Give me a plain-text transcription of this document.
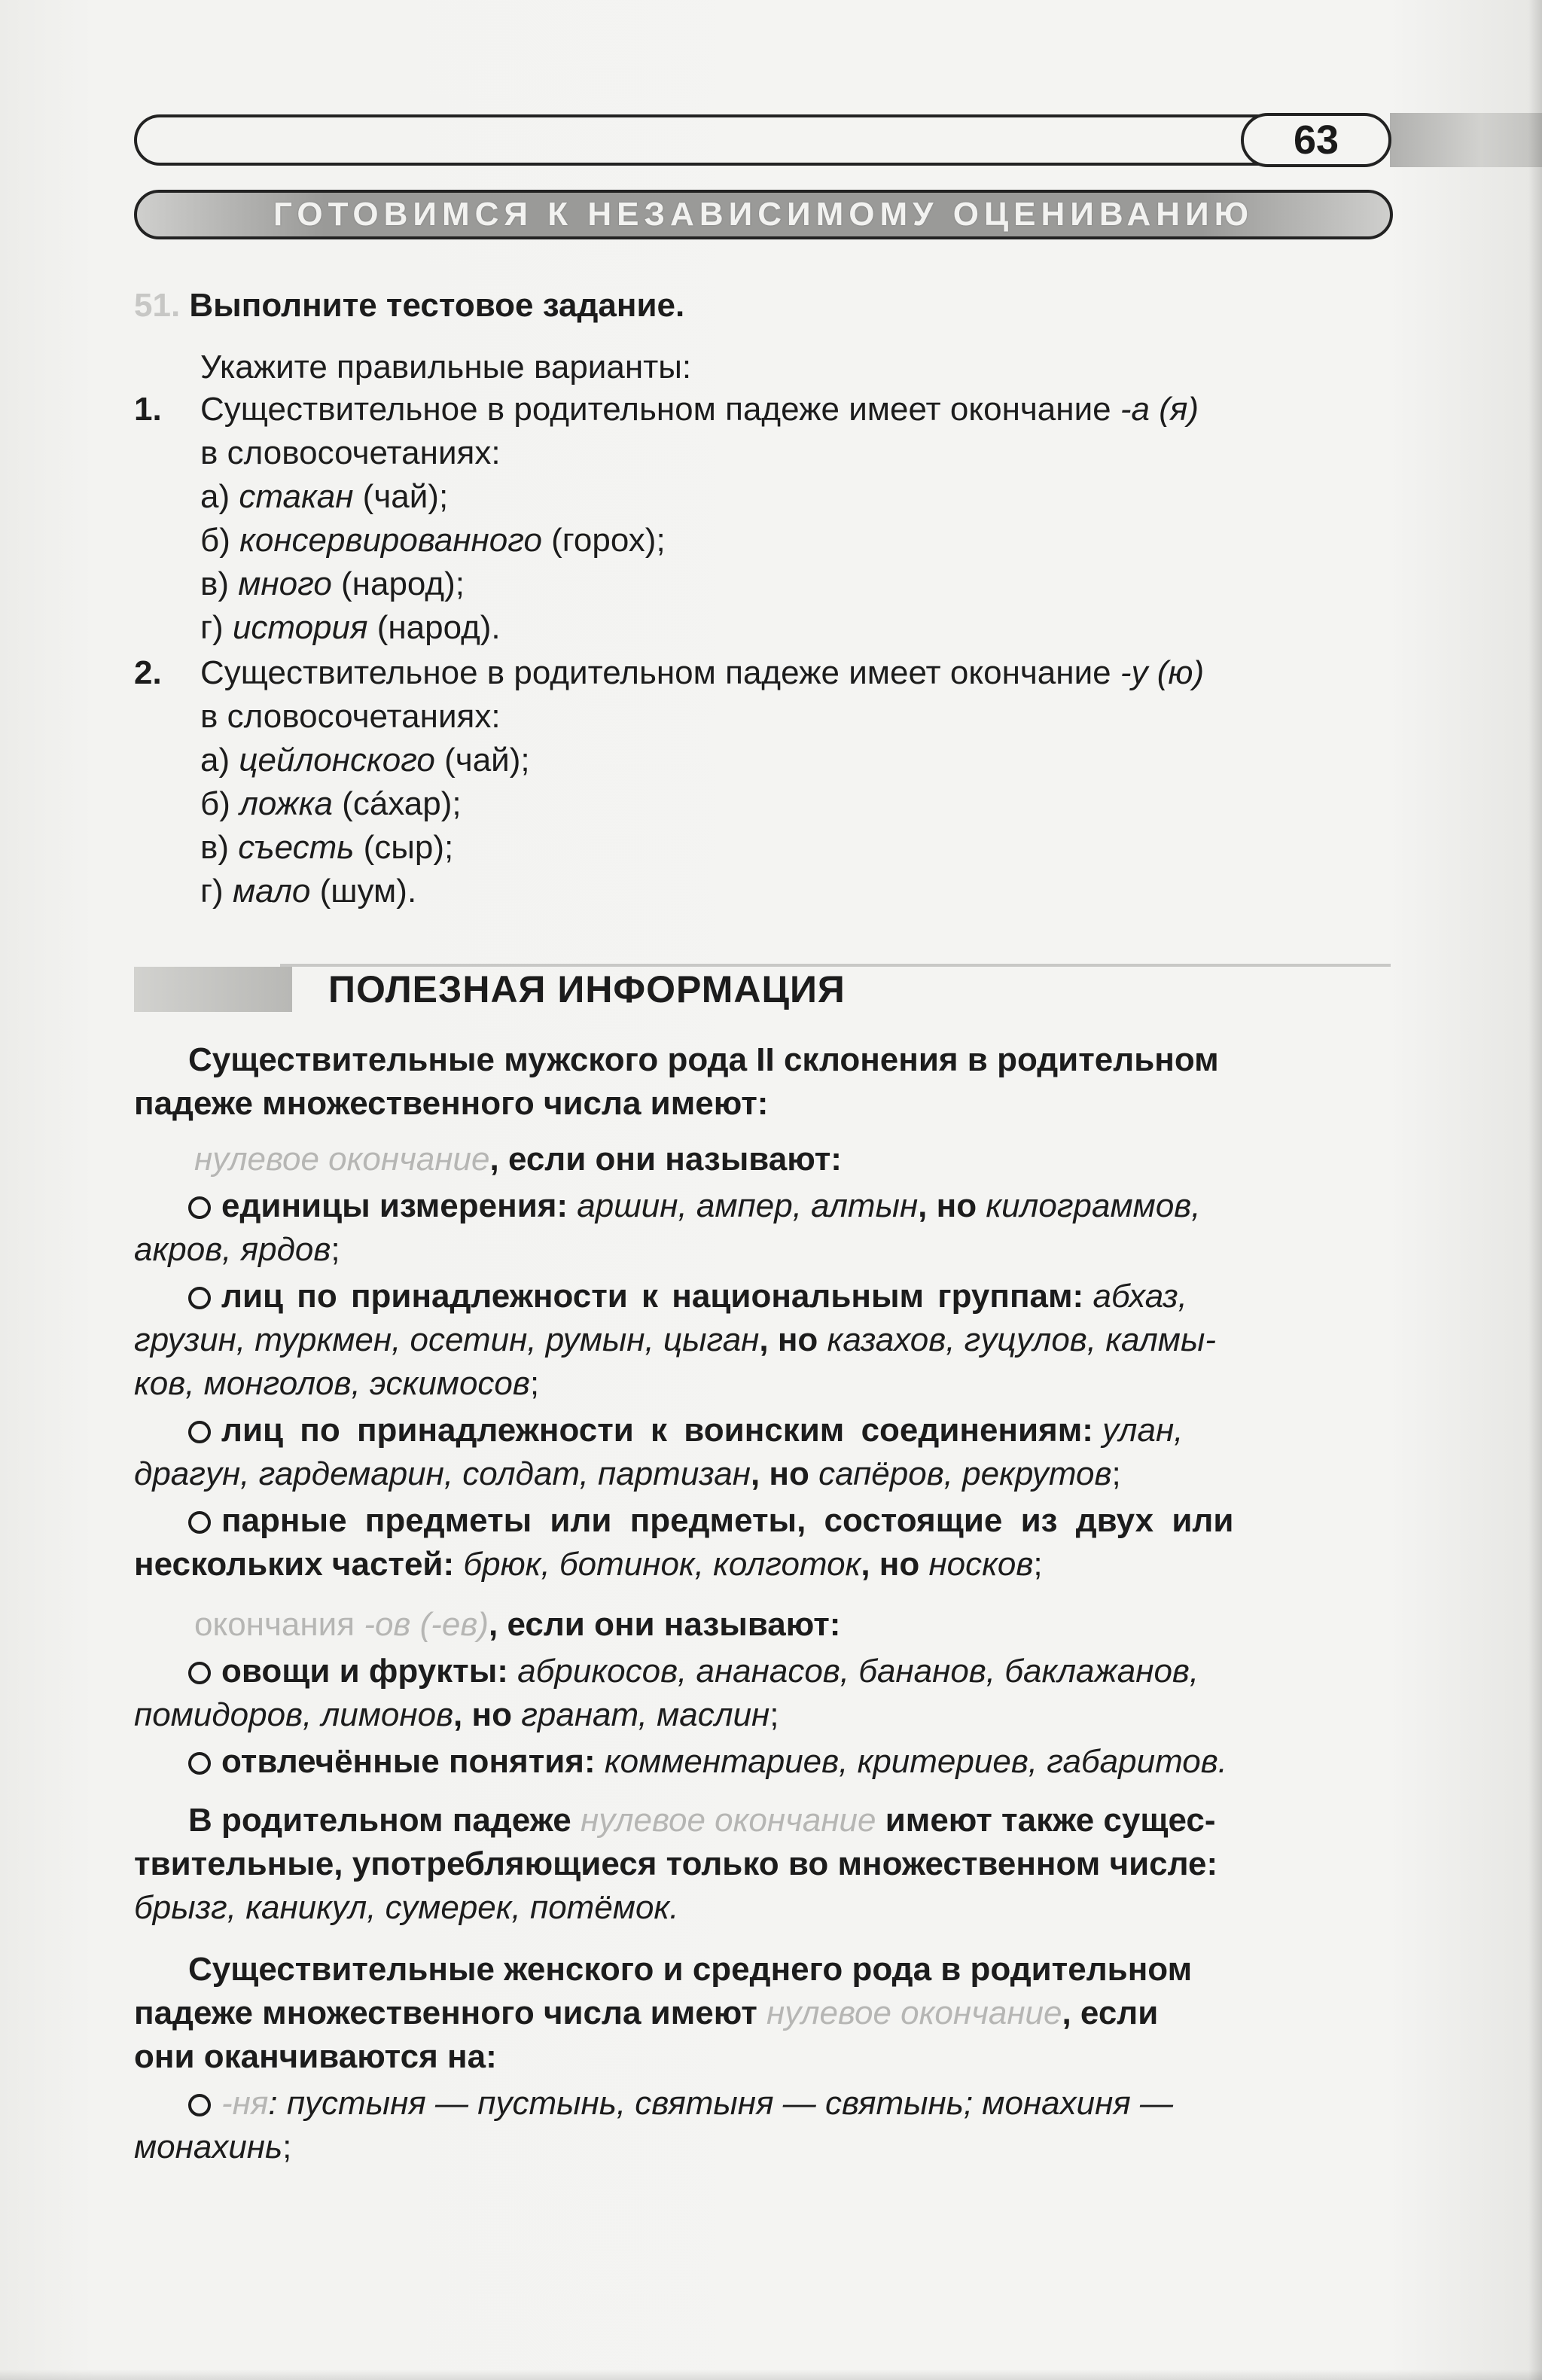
63
ГОТОВИМСЯ К НЕЗАВИСИМОМУ ОЦЕНИВАНИЮ
51. Выполните тестовое задание.
Укажите правильные варианты:
1. Существительное в родительном падеже имеет окончание -а (я)
в словосочетаниях:
а) стакан (чай);
б) консервированного (горох);
в) много (народ);
г) история (народ).
2. Существительное в родительном падеже имеет окончание -у (ю)
в словосочетаниях:
а) цейлонского (чай);
б) ложка (сáхар);
в) съесть (сыр);
г) мало (шум).
ПОЛЕЗНАЯ ИНФОРМАЦИЯ
Существительные мужского рода II склонения в родительном
падеже множественного числа имеют:
нулевое окончание, если они называют:
единицы измерения: аршин, ампер, алтын, но килограммов,
акров, ярдов;
лиц по принадлежности к национальным группам: абхаз,
грузин, туркмен, осетин, румын, цыган, но казахов, гуцулов, калмы-
ков, монголов, эскимосов;
лиц по принадлежности к воинским соединениям: улан,
драгун, гардемарин, солдат, партизан, но сапёров, рекрутов;
парные предметы или предметы, состоящие из двух или
нескольких частей: брюк, ботинок, колготок, но носков;
окончания -ов (-ев), если они называют:
овощи и фрукты: абрикосов, ананасов, бананов, баклажанов,
помидоров, лимонов, но гранат, маслин;
отвлечённые понятия: комментариев, критериев, габаритов.
В родительном падеже нулевое окончание имеют также сущес-
твительные, употребляющиеся только во множественном числе:
брызг, каникул, сумерек, потёмок.
Существительные женского и среднего рода в родительном
падеже множественного числа имеют нулевое окончание, если
они оканчиваются на:
-ня: пустыня — пустынь, святыня — святынь; монахиня —
монахинь;
